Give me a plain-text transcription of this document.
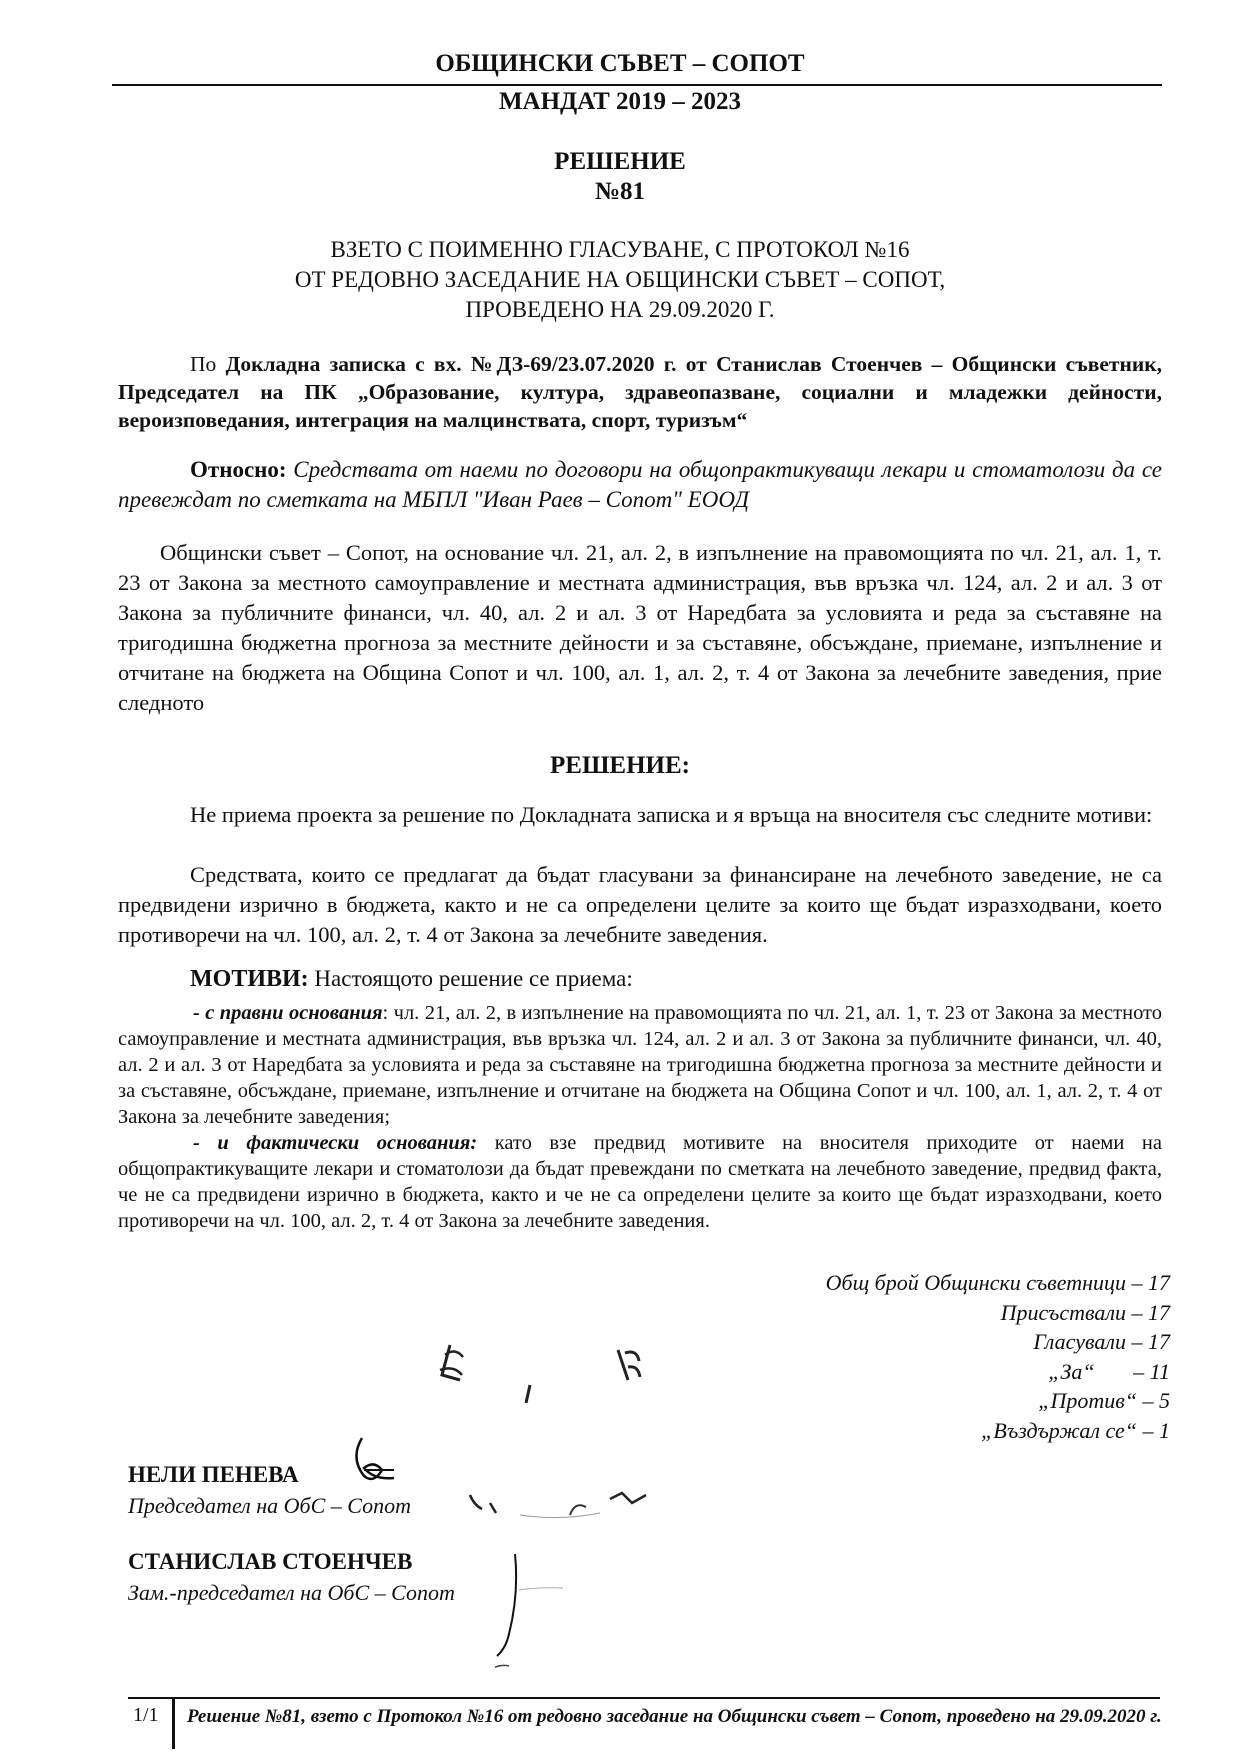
ОБЩИНСКИ СЪВЕТ – СОПОТ
МАНДАТ 2019 – 2023
РЕШЕНИЕ
№81
ВЗЕТО С ПОИМЕННО ГЛАСУВАНЕ, С ПРОТОКОЛ №16
ОТ РЕДОВНО ЗАСЕДАНИЕ НА ОБЩИНСКИ СЪВЕТ – СОПОТ,
ПРОВЕДЕНО НА 29.09.2020 Г.
По Докладна записка с вх. №ДЗ-69/23.07.2020 г. от Станислав Стоенчев – Общински съветник, Председател на ПК „Образование, култура, здравеопазване, социални и младежки дейности, вероизповедания, интеграция на малцинствата, спорт, туризъм“
Относно: Средствата от наеми по договори на общопрактикуващи лекари и стоматолози да се превеждат по сметката на МБПЛ "Иван Раев – Сопот" ЕООД
Общински съвет – Сопот, на основание чл. 21, ал. 2, в изпълнение на правомощията по чл. 21, ал. 1, т. 23 от Закона за местното самоуправление и местната администрация, във връзка чл. 124, ал. 2 и ал. 3 от Закона за публичните финанси, чл. 40, ал. 2 и ал. 3 от Наредбата за условията и реда за съставяне на тригодишна бюджетна прогноза за местните дейности и за съставяне, обсъждане, приемане, изпълнение и отчитане на бюджета на Община Сопот и чл. 100, ал. 1, ал. 2, т. 4 от Закона за лечебните заведения, прие следното
РЕШЕНИЕ:
Не приема проекта за решение по Докладната записка и я връща на вносителя със следните мотиви:
Средствата, които се предлагат да бъдат гласувани за финансиране на лечебното заведение, не са предвидени изрично в бюджета, както и не са определени целите за които ще бъдат изразходвани, което противоречи на чл. 100, ал. 2, т. 4 от Закона за лечебните заведения.
МОТИВИ: Настоящото решение се приема:
- с правни основания: чл. 21, ал. 2, в изпълнение на правомощията по чл. 21, ал. 1, т. 23 от Закона за местното самоуправление и местната администрация, във връзка чл. 124, ал. 2 и ал. 3 от Закона за публичните финанси, чл. 40, ал. 2 и ал. 3 от Наредбата за условията и реда за съставяне на тригодишна бюджетна прогноза за местните дейности и за съставяне, обсъждане, приемане, изпълнение и отчитане на бюджета на Община Сопот и чл. 100, ал. 1, ал. 2, т. 4 от Закона за лечебните заведения;
- и фактически основания: като взе предвид мотивите на вносителя приходите от наеми на общопрактикуващите лекари и стоматолози да бъдат превеждани по сметката на лечебното заведение, предвид факта, че не са предвидени изрично в бюджета, както и че не са определени целите за които ще бъдат изразходвани, което противоречи на чл. 100, ал. 2, т. 4 от Закона за лечебните заведения.
Общ брой Общински съветници – 17
Присъствали – 17
Гласували – 17
„За“       – 11
„Против“ – 5
„Въздържал се“ – 1
НЕЛИ ПЕНЕВА
Председател на ОбС – Сопот
СТАНИСЛАВ СТОЕНЧЕВ
Зам.-председател на ОбС – Сопот
1/1 Решение №81, взето с Протокол №16 от редовно заседание на Общински съвет – Сопот, проведено на 29.09.2020 г.
